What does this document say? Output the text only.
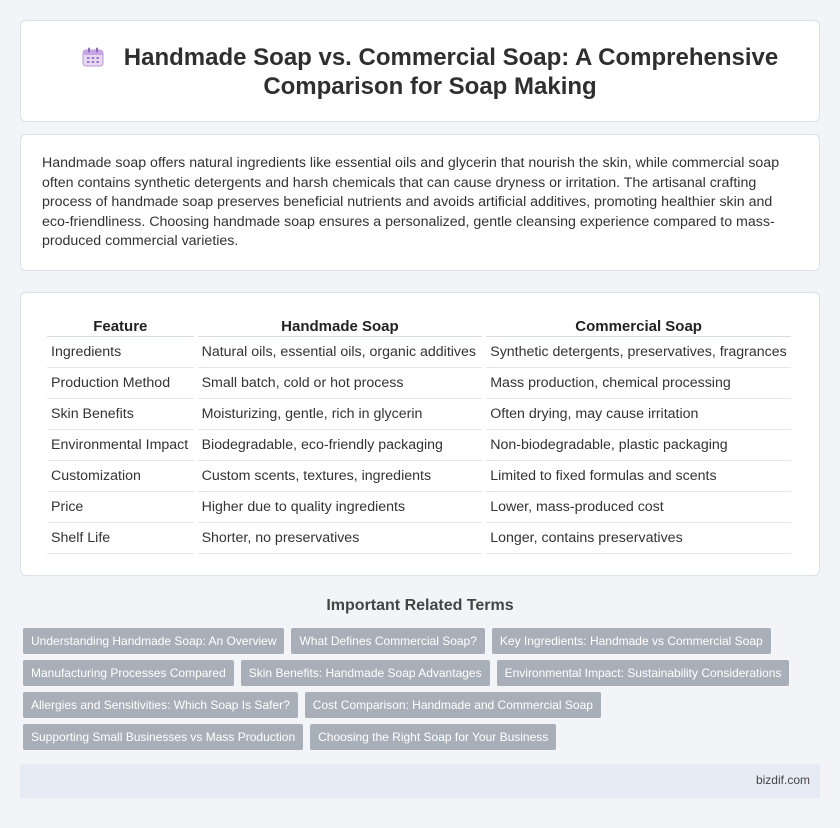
Handmade Soap vs. Commercial Soap: A Comprehensive Comparison for Soap Making

Handmade soap offers natural ingredients like essential oils and glycerin that nourish the skin, while commercial soap often contains synthetic detergents and harsh chemicals that can cause dryness or irritation. The artisanal crafting process of handmade soap preserves beneficial nutrients and avoids artificial additives, promoting healthier skin and eco-friendliness. Choosing handmade soap ensures a personalized, gentle cleansing experience compared to mass-produced commercial varieties.

Feature	Handmade Soap	Commercial Soap
Ingredients	Natural oils, essential oils, organic additives	Synthetic detergents, preservatives, fragrances
Production Method	Small batch, cold or hot process	Mass production, chemical processing
Skin Benefits	Moisturizing, gentle, rich in glycerin	Often drying, may cause irritation
Environmental Impact	Biodegradable, eco-friendly packaging	Non-biodegradable, plastic packaging
Customization	Custom scents, textures, ingredients	Limited to fixed formulas and scents
Price	Higher due to quality ingredients	Lower, mass-produced cost
Shelf Life	Shorter, no preservatives	Longer, contains preservatives
Important Related Terms
Understanding Handmade Soap: An Overview	What Defines Commercial Soap?	Key Ingredients: Handmade vs Commercial Soap
Manufacturing Processes Compared	Skin Benefits: Handmade Soap Advantages	Environmental Impact: Sustainability Considerations
Allergies and Sensitivities: Which Soap Is Safer?	Cost Comparison: Handmade and Commercial Soap
Supporting Small Businesses vs Mass Production	Choosing the Right Soap for Your Business
bizdif.com
